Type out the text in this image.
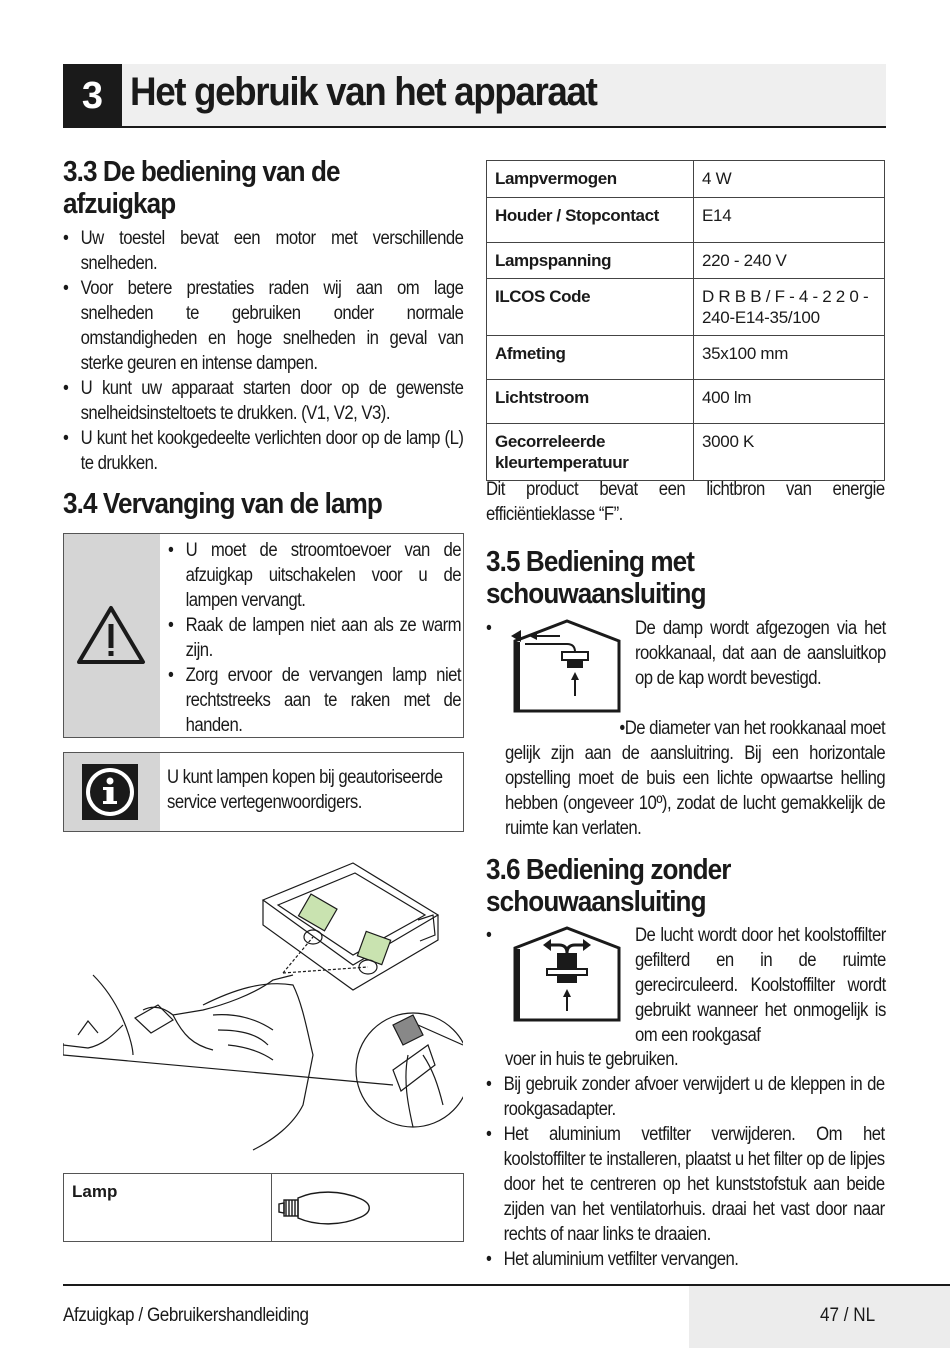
3 Het gebruik van het apparaat
3.3 De bediening van de
afzuigkap
• Uw toestel bevat een motor met verschillende snelheden.
• Voor betere prestaties raden wij aan om lage snelheden te gebruiken onder normale omstandigheden en hoge snelheden in geval van sterke geuren en intense dampen.
• U kunt uw apparaat starten door op de gewenste snelheidsinsteltoets te drukken. (V1, V2, V3).
• U kunt het kookgedeelte verlichten door op de lamp (L) te drukken.
3.4 Vervanging van de lamp
• U moet de stroomtoevoer van de afzuigkap uitschakelen voor u de lampen vervangt.
• Raak de lampen niet aan als ze warm zijn.
• Zorg ervoor de vervangen lamp niet rechtstreeks aan te raken met de handen.
U kunt lampen kopen bij geautoriseerde service vertegenwoordigers.
Lamp
Lampvermogen	4 W
Houder / Stopcontact	E14
Lampspanning	220 - 240 V
ILCOS Code	D R B B / F - 4 - 2 2 0 - 240-E14-35/100
Afmeting	35x100 mm
Lichtstroom	400 lm
Gecorreleerde kleurtemperatuur	3000 K
Dit product bevat een lichtbron van energie efficiëntieklasse “F”.
3.5 Bediening met
schouwaansluiting
•	De damp wordt afgezogen via het rookkanaal, dat aan de aansluitkop op de kap wordt bevestigd.
•De diameter van het rookkanaal moet gelijk zijn aan de aansluitring. Bij een horizontale opstelling moet de buis een lichte opwaartse helling hebben (ongeveer 10º), zodat de lucht gemakkelijk de ruimte kan verlaten.
3.6 Bediening zonder
schouwaansluiting
•	De lucht wordt door het koolstoffilter gefilterd en in de ruimte gerecirculeerd. Koolstoffilter wordt gebruikt wanneer het onmogelijk is om een rookgasaf
voer in huis te gebruiken.
• Bij gebruik zonder afvoer verwijdert u de kleppen in de rookgasadapter.
• Het aluminium vetfilter verwijderen. Om het koolstoffilter te installeren, plaatst u het filter op de lipjes door het te centreren op het kunststofstuk aan beide zijden van het ventilatorhuis. draai het vast door naar rechts of naar links te draaien.
• Het aluminium vetfilter vervangen.
Afzuigkap / Gebruikershandleiding	47 / NL
